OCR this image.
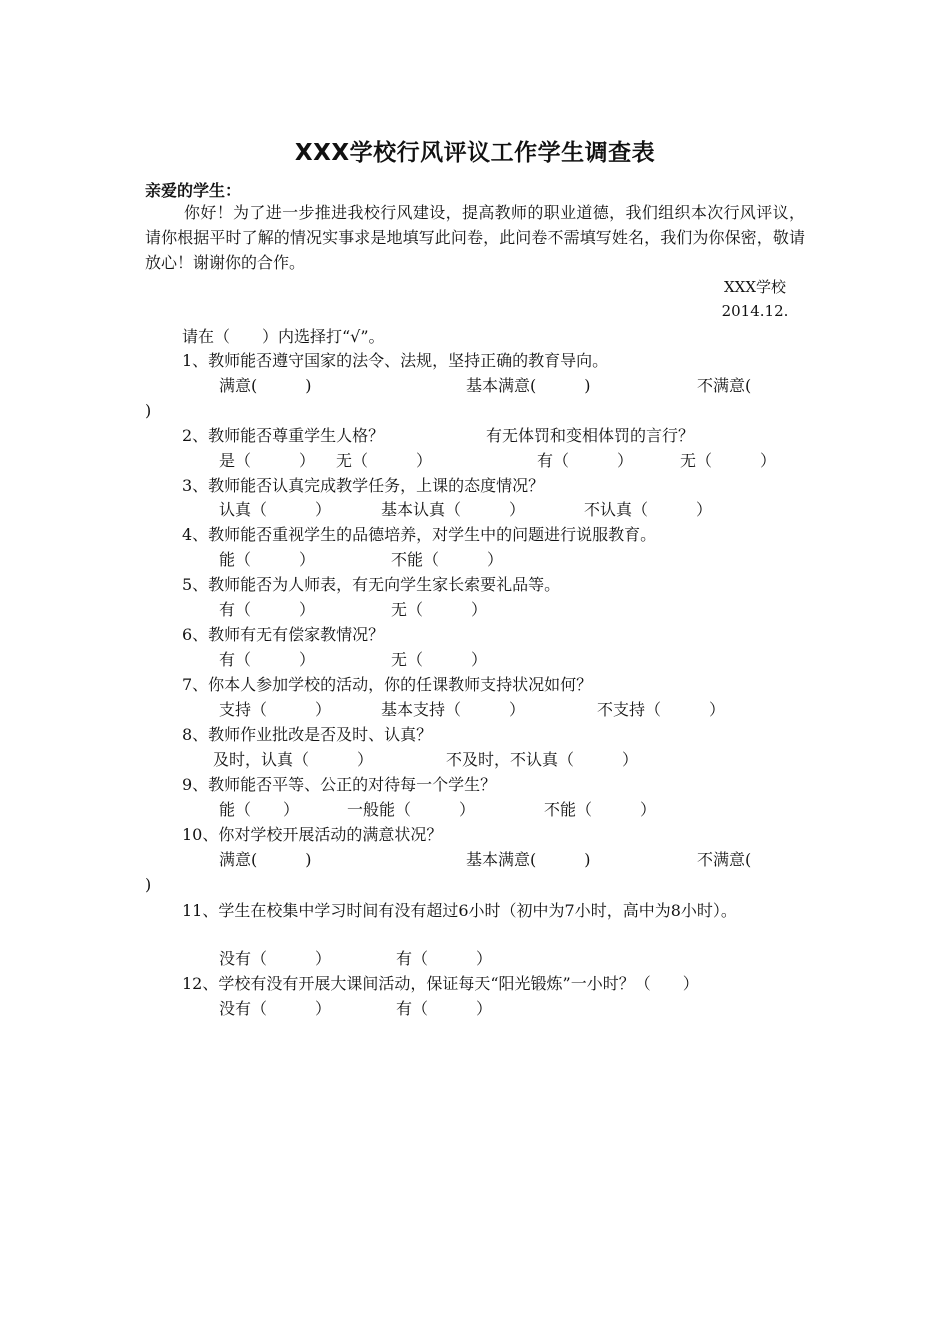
XXX学校行风评议工作学生调查表
亲爱的学生：
你好！为了进一步推进我校行风建设，提高教师的职业道德，我们组织本次行风评议，请你根据平时了解的情况实事求是地填写此问卷，此问卷不需填写姓名，我们为你保密，敬请放心！谢谢你的合作。
XXX学校
2014.12.
请在（　　）内选择打“√”。
1、教师能否遵守国家的法令、法规，坚持正确的教育导向。
满意(　　　)	基本满意(　　　)	不满意(
)
2、教师能否尊重学生人格？	有无体罚和变相体罚的言行？
是（　　　） 无（　　　）	有（　　　）	无（　　　）
3、教师能否认真完成教学任务，上课的态度情况？
认真（　　　）	基本认真（　　　）	不认真（　　　）
4、教师能否重视学生的品德培养，对学生中的问题进行说服教育。
能（　　　）	不能（　　　）
5、教师能否为人师表，有无向学生家长索要礼品等。
有（　　　）	无（　　　）
6、教师有无有偿家教情况？
有（　　　）	无（　　　）
7、你本人参加学校的活动，你的任课教师支持状况如何？
支持（　　　）	基本支持（　　　）	不支持（　　　）
8、教师作业批改是否及时、认真？
及时，认真（　　　）	不及时，不认真（　　　）
9、教师能否平等、公正的对待每一个学生？
能（　　）	一般能（　　　）	不能（　　　）
10、你对学校开展活动的满意状况？
满意(　　　)	基本满意(　　　)	不满意(
)
11、学生在校集中学习时间有没有超过6小时（初中为7小时，高中为8小时）。
没有（　　　）	有（　　　）
12、学校有没有开展大课间活动，保证每天“阳光锻炼”一小时？（　　）
没有（　　　）	有（　　　）
